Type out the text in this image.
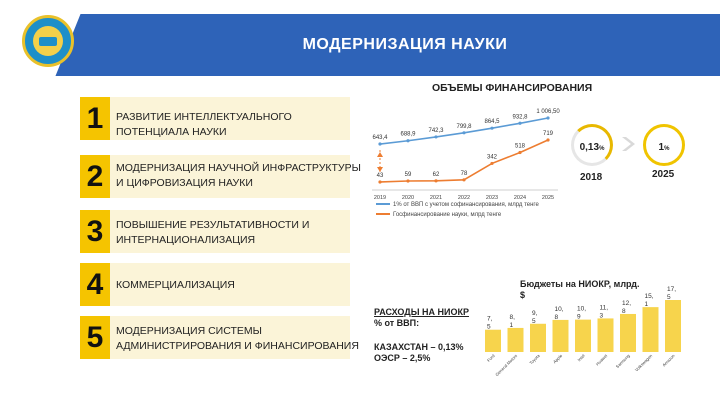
МОДЕРНИЗАЦИЯ НАУКИ
1	РАЗВИТИЕ ИНТЕЛЛЕКТУАЛЬНОГО ПОТЕНЦИАЛА НАУКИ
2	МОДЕРНИЗАЦИЯ НАУЧНОЙ ИНФРАСТРУКТУРЫ И ЦИФРОВИЗАЦИЯ НАУКИ
3	ПОВЫШЕНИЕ РЕЗУЛЬТАТИВНОСТИ И ИНТЕРНАЦИОНАЛИЗАЦИЯ
4	КОММЕРЦИАЛИЗАЦИЯ
5	МОДЕРНИЗАЦИЯ СИСТЕМЫ АДМИНИСТРИРОВАНИЯ И ФИНАНСИРОВАНИЯ
ОБЪЕМЫ ФИНАНСИРОВАНИЯ
2019	2020	2021	2022	2023	2024	2025
643,4
688,9
742,3
799,8
864,5
932,8
1 006,50
43	59	62	78
342
518
719
1% от ВВП с учетом софинансирования, млрд тенге
Госфинансирование науки, млрд тенге
0,13%	1%
2018	2025
РАСХОДЫ НА НИОКР
% от ВВП:
КАЗАХСТАН – 0,13%
ОЭСР – 2,5%
Бюджеты на НИОКР, млрд. $
7, 5
Ford
8, 1
General Motors
9, 5
Toyota
10, 8
Apple
10, 9
Intel
11, 3
Huawei
12, 8
Samsung
15, 1
Volkswagen
17, 5
Amazon
